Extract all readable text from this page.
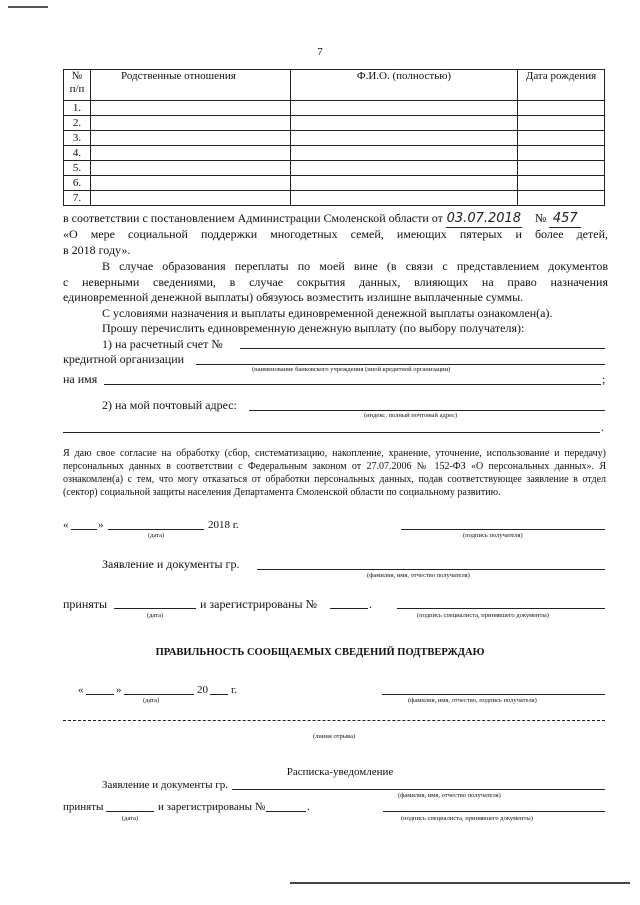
7
№ п/п	Родственные отношения	Ф.И.О. (полностью)	Дата рождения
1.			
2.			
3.			
4.			
5.			
6.			
7.			
в соответствии с постановлением Администрации Смоленской области от 03.07.2018 № 457
«О мере социальной поддержки многодетных семей, имеющих пятерых и более детей,
в 2018 году».
В случае образования переплаты по моей вине (в связи с представлением документов
с неверными сведениями, в случае сокрытия данных, влияющих на право назначения
единовременной денежной выплаты) обязуюсь возместить излишне выплаченные суммы.
С условиями назначения и выплаты единовременной денежной выплаты ознакомлен(а).
Прошу перечислить единовременную денежную выплату (по выбору получателя):
1) на расчетный счет №
кредитной организации
(наименование банковского учреждения (иной кредитной организации)
на имя	;
2) на мой почтовый адрес:
(индекс, полный почтовый адрес)
.
Я даю свое согласие на обработку (сбор, систематизацию, накопление, хранение, уточнение, использование и передачу) персональных данных в соответствии с Федеральным законом от 27.07.2006 № 152-ФЗ «О персональных данных». Я ознакомлен(а) с тем, что могу отказаться от обработки персональных данных, подав соответствующее заявление в отдел (сектор) социальной защиты населения Департамента Смоленской области по социальному развитию.
«	»	2018 г.
(дата)	(подпись получателя)
Заявление и документы гр.
(фамилия, имя, отчество получателя)
приняты	и зарегистрированы №	.
(дата)	(подпись специалиста, принявшего документы)
ПРАВИЛЬНОСТЬ СООБЩАЕМЫХ СВЕДЕНИЙ ПОДТВЕРЖДАЮ
«	»	20 г.
(дата)	(фамилия, имя, отчество, подпись получателя)
(линия отрыва)
Расписка-уведомление
Заявление и документы гр.
(фамилия, имя, отчество получателя)
приняты	и зарегистрированы №	.
(дата)	(подпись специалиста, принявшего документы)
